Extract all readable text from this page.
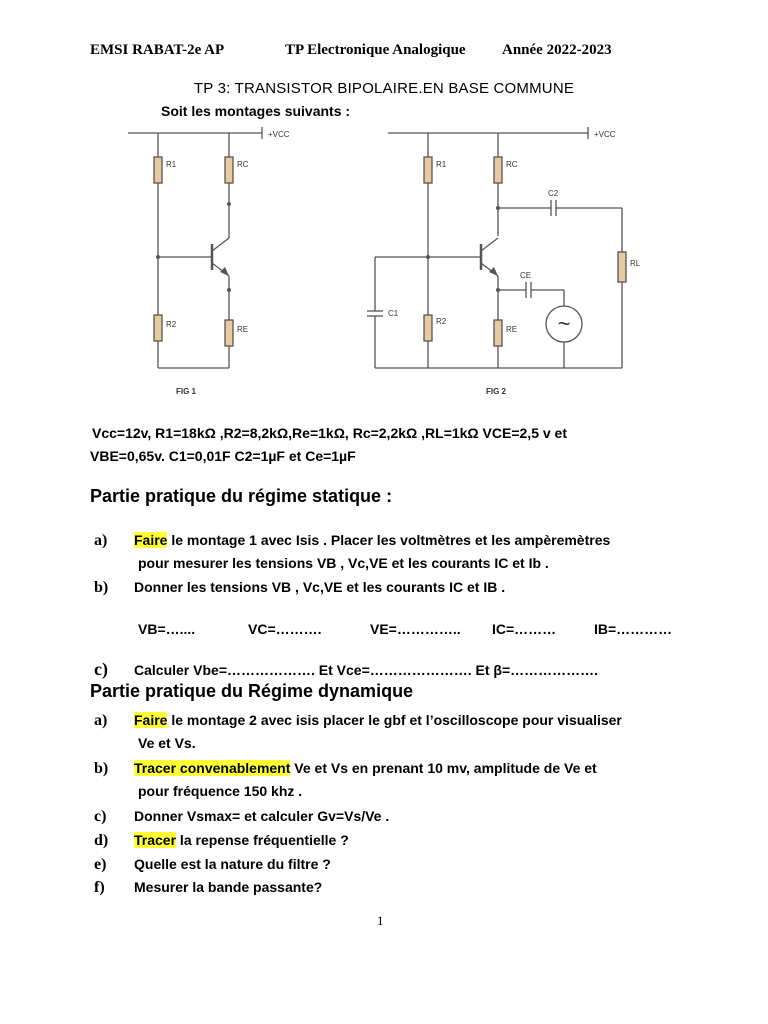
EMSI RABAT-2e AP	TP Electronique Analogique Année 2022-2023
TP 3: TRANSISTOR BIPOLAIRE.EN BASE COMMUNE
Soit les montages suivants :
+VCC
R1	RC
R2
RE
FIG 1
+VCC
R1	RC
C2
RL
CE
C1
R2
RE
FIG 2
~
Vcc=12v, R1=18kΩ ,R2=8,2kΩ,Re=1kΩ, Rc=2,2kΩ ,RL=1kΩ VCE=2,5 v et
VBE=0,65v. C1=0,01F C2=1µF et Ce=1µF
Partie pratique du régime statique :
a) Faire le montage 1 avec Isis . Placer les voltmètres et les ampèremètres
pour mesurer les tensions VB , Vc,VE et les courants IC et Ib .
b) Donner les tensions VB , Vc,VE et les courants IC et IB .
VB=…....	VC=……….	VE=………….. IC=………	IB=…………
c) Calculer Vbe=………………. Et Vce=…………………. Et β=……………….
Partie pratique du Régime dynamique
a) Faire le montage 2 avec isis placer le gbf et l’oscilloscope pour visualiser
Ve et Vs.
b) Tracer convenablement Ve et Vs en prenant 10 mv, amplitude de Ve et
pour fréquence 150 khz .
c) Donner Vsmax= et calculer Gv=Vs/Ve .
d) Tracer la repense fréquentielle ?
e) Quelle est la nature du filtre ?
f) Mesurer la bande passante?
1
